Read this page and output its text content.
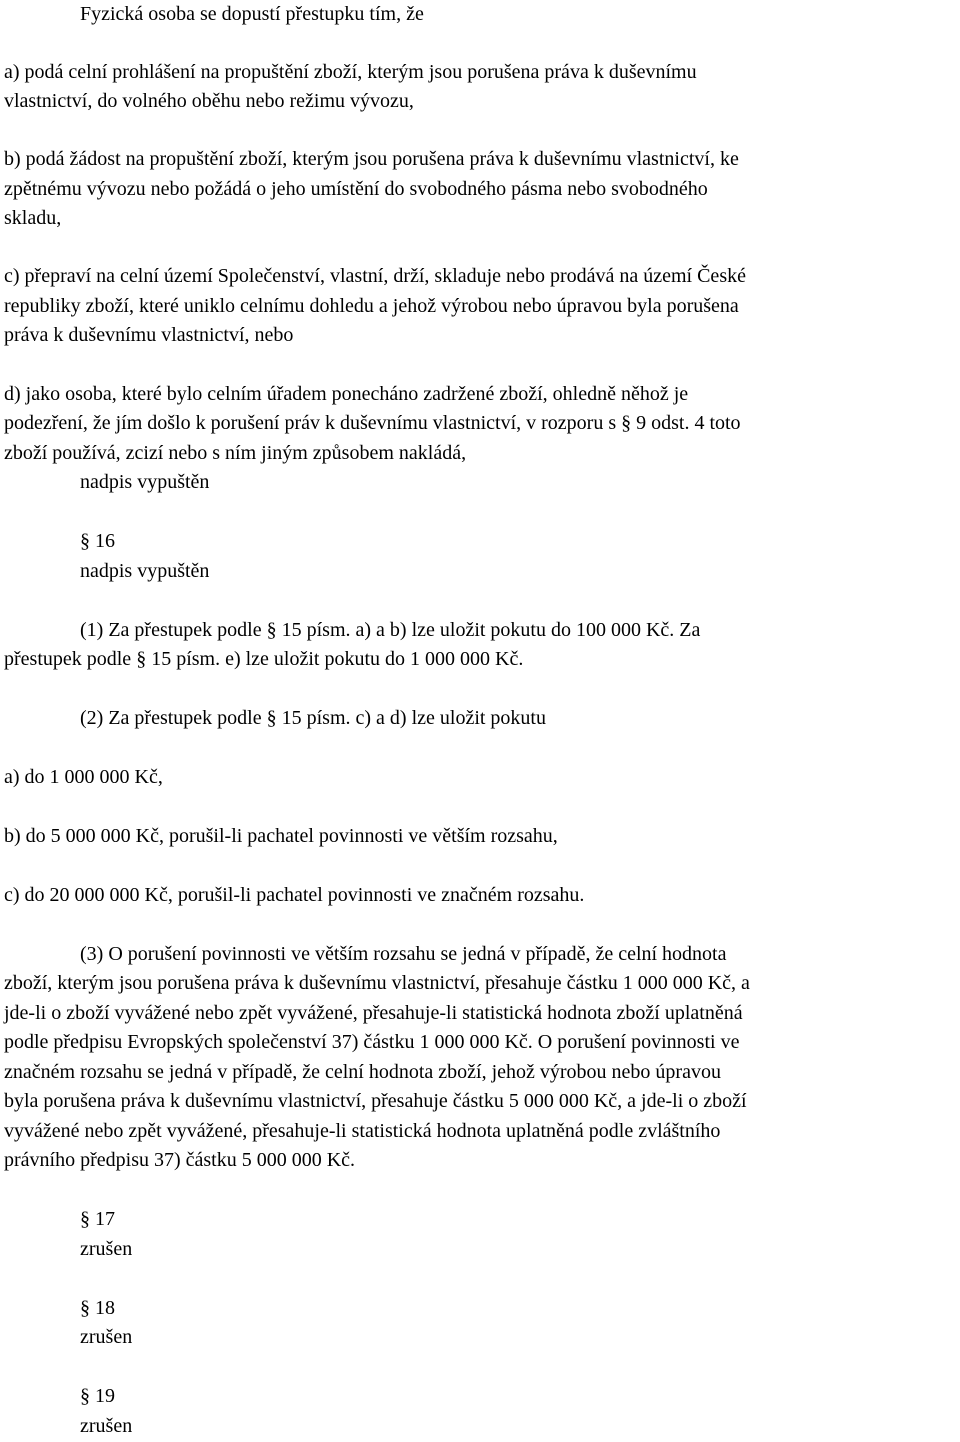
Fyzická osoba se dopustí přestupku tím, že

a) podá celní prohlášení na propuštění zboží, kterým jsou porušena práva k duševnímu

vlastnictví, do volného oběhu nebo režimu vývozu,

b) podá žádost na propuštění zboží, kterým jsou porušena práva k duševnímu vlastnictví, ke

zpětnému vývozu nebo požádá o jeho umístění do svobodného pásma nebo svobodného

skladu,

c) přepraví na celní území Společenství, vlastní, drží, skladuje nebo prodává na území České

republiky zboží, které uniklo celnímu dohledu a jehož výrobou nebo úpravou byla porušena

práva k duševnímu vlastnictví, nebo

d) jako osoba, které bylo celním úřadem ponecháno zadržené zboží, ohledně něhož je

podezření, že jím došlo k porušení práv k duševnímu vlastnictví, v rozporu s § 9 odst. 4 toto

zboží používá, zcizí nebo s ním jiným způsobem nakládá,

nadpis vypuštěn

§ 16

nadpis vypuštěn

(1) Za přestupek podle § 15 písm. a) a b) lze uložit pokutu do 100 000 Kč. Za

přestupek podle § 15 písm. e) lze uložit pokutu do 1 000 000 Kč.

(2) Za přestupek podle § 15 písm. c) a d) lze uložit pokutu

a) do 1 000 000 Kč,

b) do 5 000 000 Kč, porušil-li pachatel povinnosti ve větším rozsahu,

c) do 20 000 000 Kč, porušil-li pachatel povinnosti ve značném rozsahu.

(3) O porušení povinnosti ve větším rozsahu se jedná v případě, že celní hodnota

zboží, kterým jsou porušena práva k duševnímu vlastnictví, přesahuje částku 1 000 000 Kč, a

jde-li o zboží vyvážené nebo zpět vyvážené, přesahuje-li statistická hodnota zboží uplatněná

podle předpisu Evropských společenství 37) částku 1 000 000 Kč. O porušení povinnosti ve

značném rozsahu se jedná v případě, že celní hodnota zboží, jehož výrobou nebo úpravou

byla porušena práva k duševnímu vlastnictví, přesahuje částku 5 000 000 Kč, a jde-li o zboží

vyvážené nebo zpět vyvážené, přesahuje-li statistická hodnota uplatněná podle zvláštního

právního předpisu 37) částku 5 000 000 Kč.

§ 17

zrušen

§ 18

zrušen

§ 19

zrušen
